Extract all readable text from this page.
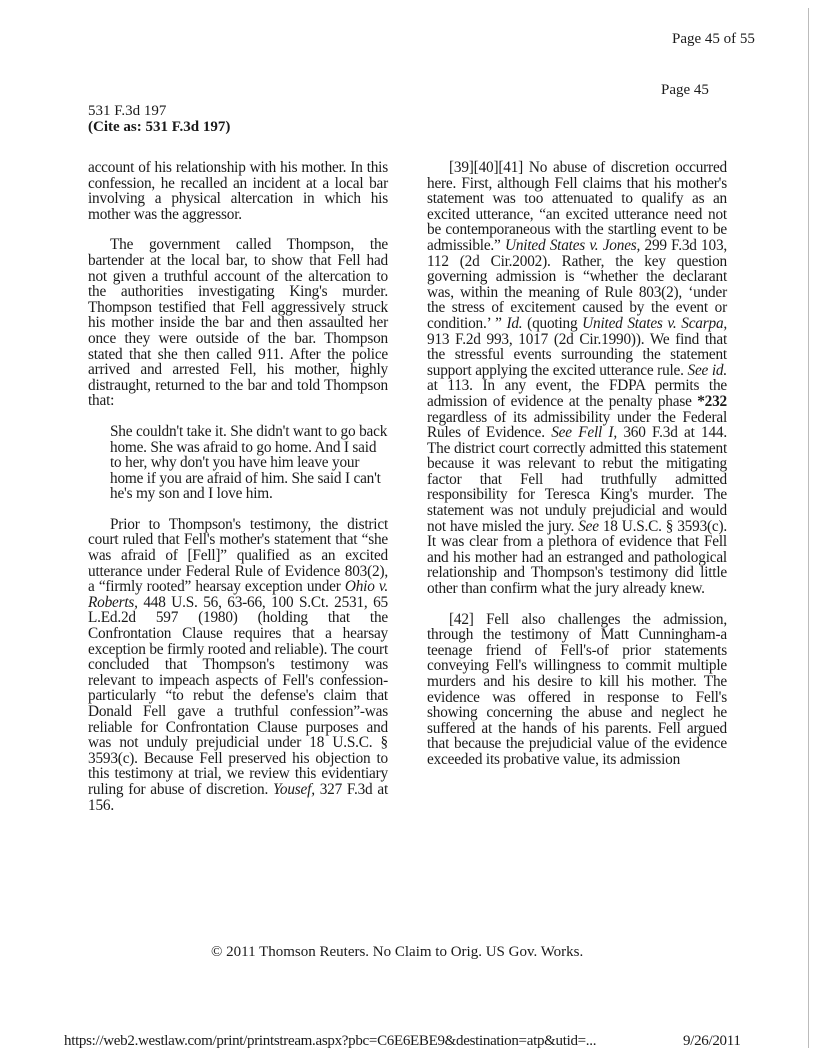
Page 45 of 55
Page 45
531 F.3d 197
(Cite as: 531 F.3d 197)

account of his relationship with his mother. In this confession, he recalled an incident at a local bar involving a physical altercation in which his mother was the aggressor.

The government called Thompson, the bartender at the local bar, to show that Fell had not given a truthful account of the altercation to the authorities investigating King's murder. Thompson testified that Fell aggressively struck his mother inside the bar and then assaulted her once they were outside of the bar. Thompson stated that she then called 911. After the police arrived and arrested Fell, his mother, highly distraught, returned to the bar and told Thompson that:

She couldn't take it. She didn't want to go back home. She was afraid to go home. And I said to her, why don't you have him leave your home if you are afraid of him. She said I can't he's my son and I love him.

Prior to Thompson's testimony, the district court ruled that Fell's mother's statement that “she was afraid of [Fell]” qualified as an excited utterance under Federal Rule of Evidence 803(2), a “firmly rooted” hearsay exception under Ohio v. Roberts, 448 U.S. 56, 63-66, 100 S.Ct. 2531, 65 L.Ed.2d 597 (1980) (holding that the Confrontation Clause requires that a hearsay exception be firmly rooted and reliable). The court concluded that Thompson's testimony was relevant to impeach aspects of Fell's confession-particularly “to rebut the defense's claim that Donald Fell gave a truthful confession”-was reliable for Confrontation Clause purposes and was not unduly prejudicial under 18 U.S.C. § 3593(c). Because Fell preserved his objection to this testimony at trial, we review this evidentiary ruling for abuse of discretion. Yousef, 327 F.3d at 156.

[39][40][41] No abuse of discretion occurred here. First, although Fell claims that his mother's statement was too attenuated to qualify as an excited utterance, “an excited utterance need not be contemporaneous with the startling event to be admissible.” United States v. Jones, 299 F.3d 103, 112 (2d Cir.2002). Rather, the key question governing admission is “whether the declarant was, within the meaning of Rule 803(2), ‘under the stress of excitement caused by the event or condition.’ ” Id. (quoting United States v. Scarpa, 913 F.2d 993, 1017 (2d Cir.1990)). We find that the stressful events surrounding the statement support applying the excited utterance rule. See id. at 113. In any event, the FDPA permits the admission of evidence at the penalty phase *232 regardless of its admissibility under the Federal Rules of Evidence. See Fell I, 360 F.3d at 144. The district court correctly admitted this statement because it was relevant to rebut the mitigating factor that Fell had truthfully admitted responsibility for Teresca King's murder. The statement was not unduly prejudicial and would not have misled the jury. See 18 U.S.C. § 3593(c). It was clear from a plethora of evidence that Fell and his mother had an estranged and pathological relationship and Thompson's testimony did little other than confirm what the jury already knew.

[42] Fell also challenges the admission, through the testimony of Matt Cunningham-a teenage friend of Fell's-of prior statements conveying Fell's willingness to commit multiple murders and his desire to kill his mother. The evidence was offered in response to Fell's showing concerning the abuse and neglect he suffered at the hands of his parents. Fell argued that because the prejudicial value of the evidence exceeded its probative value, its admission

© 2011 Thomson Reuters. No Claim to Orig. US Gov. Works.
https://web2.westlaw.com/print/printstream.aspx?pbc=C6E6EBE9&destination=atp&utid=...	9/26/2011
